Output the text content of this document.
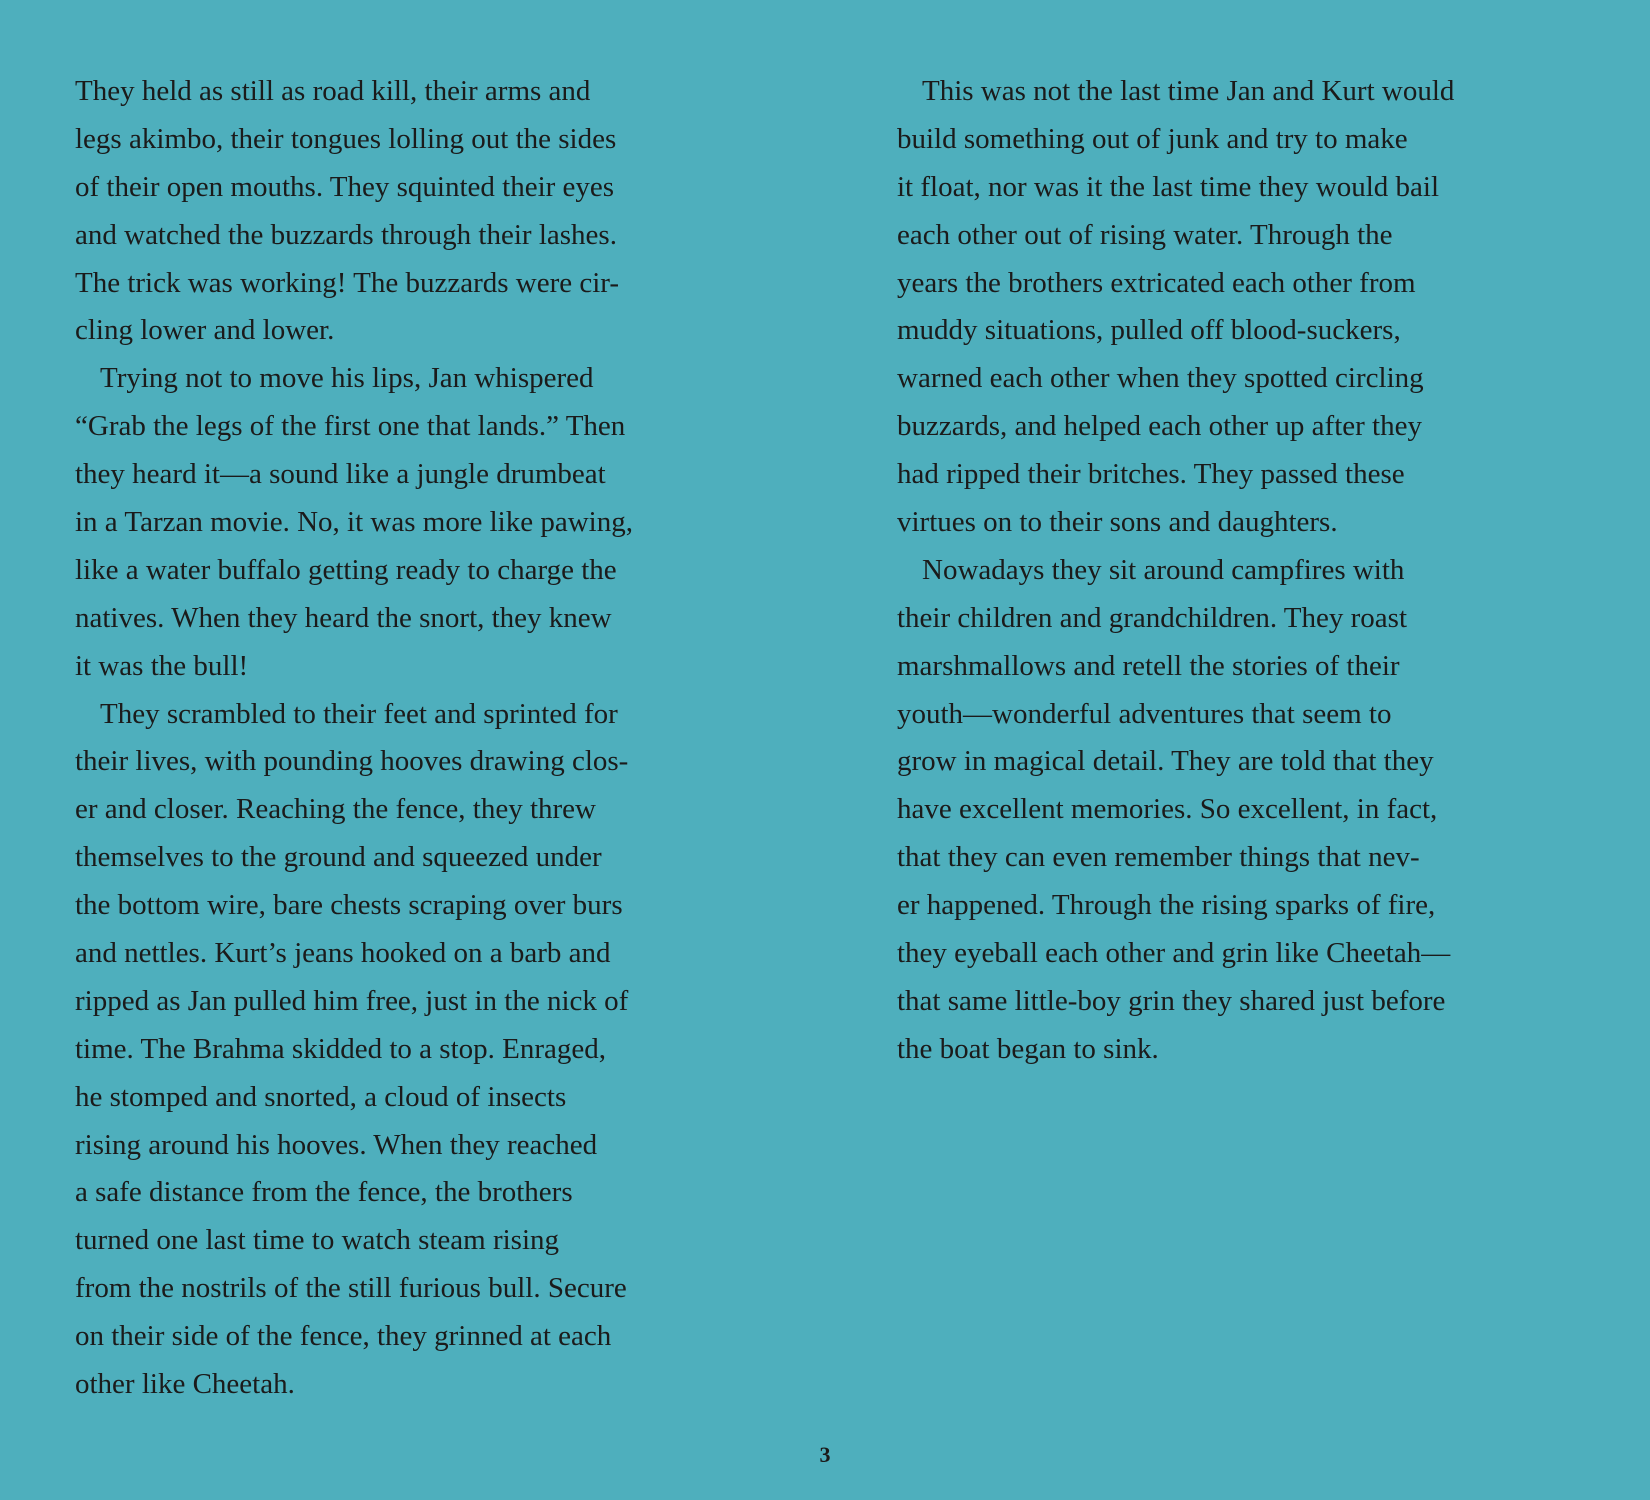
They held as still as road kill, their arms and
legs akimbo, their tongues lolling out the sides
of their open mouths. They squinted their eyes
and watched the buzzards through their lashes.
The trick was working! The buzzards were cir-
cling lower and lower.
Trying not to move his lips, Jan whispered
“Grab the legs of the first one that lands.” Then
they heard it—a sound like a jungle drumbeat
in a Tarzan movie. No, it was more like pawing,
like a water buffalo getting ready to charge the
natives. When they heard the snort, they knew
it was the bull!
They scrambled to their feet and sprinted for
their lives, with pounding hooves drawing clos-
er and closer. Reaching the fence, they threw
themselves to the ground and squeezed under
the bottom wire, bare chests scraping over burs
and nettles. Kurt’s jeans hooked on a barb and
ripped as Jan pulled him free, just in the nick of
time. The Brahma skidded to a stop. Enraged,
he stomped and snorted, a cloud of insects
rising around his hooves. When they reached
a safe distance from the fence, the brothers
turned one last time to watch steam rising
from the nostrils of the still furious bull. Secure
on their side of the fence, they grinned at each
other like Cheetah.
This was not the last time Jan and Kurt would
build something out of junk and try to make
it float, nor was it the last time they would bail
each other out of rising water. Through the
years the brothers extricated each other from
muddy situations, pulled off blood-suckers,
warned each other when they spotted circling
buzzards, and helped each other up after they
had ripped their britches. They passed these
virtues on to their sons and daughters.
Nowadays they sit around campfires with
their children and grandchildren. They roast
marshmallows and retell the stories of their
youth—wonderful adventures that seem to
grow in magical detail. They are told that they
have excellent memories. So excellent, in fact,
that they can even remember things that nev-
er happened. Through the rising sparks of fire,
they eyeball each other and grin like Cheetah—
that same little-boy grin they shared just before
the boat began to sink.
3
